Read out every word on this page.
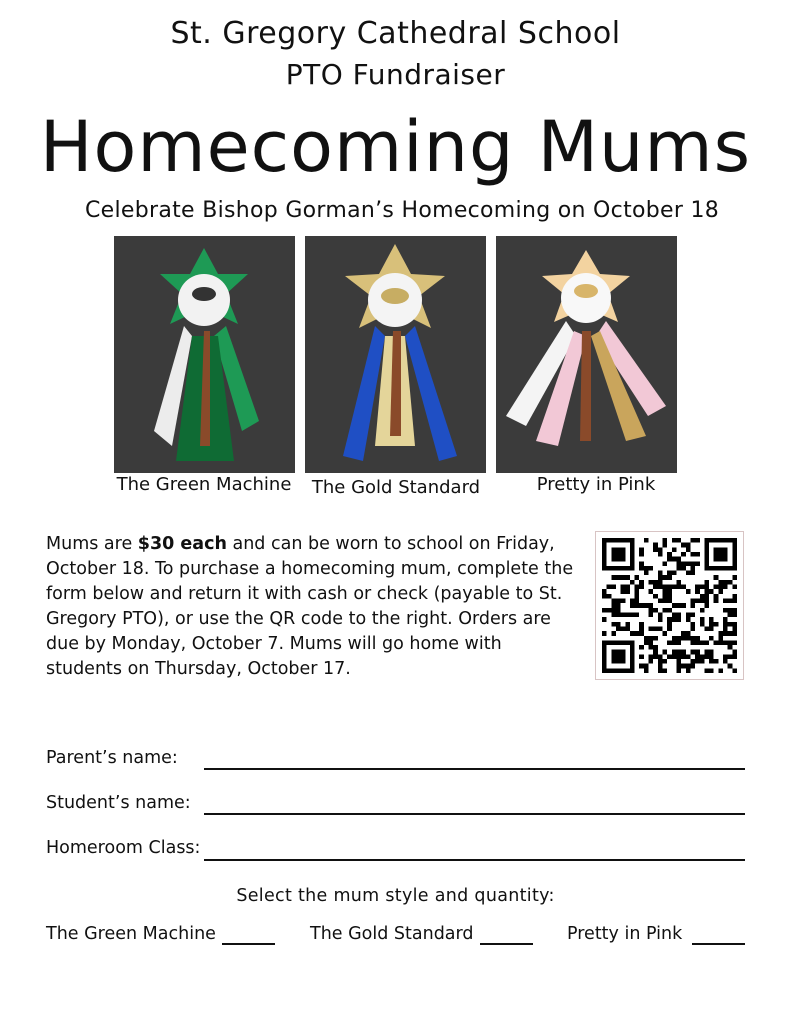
St. Gregory Cathedral School
PTO Fundraiser
Homecoming Mums
Celebrate Bishop Gorman’s Homecoming on October 18
The Green Machine	The Gold Standard	Pretty in Pink
Mums are $30 each and can be worn to school on Friday, October 18. To purchase a homecoming mum, complete the form below and return it with cash or check (payable to St. Gregory PTO), or use the QR code to the right. Orders are due by Monday, October 7. Mums will go home with students on Thursday, October 17.
Parent’s name:
Student’s name:
Homeroom Class:
Select the mum style and quantity:
The Green Machine	The Gold Standard	Pretty in Pink
